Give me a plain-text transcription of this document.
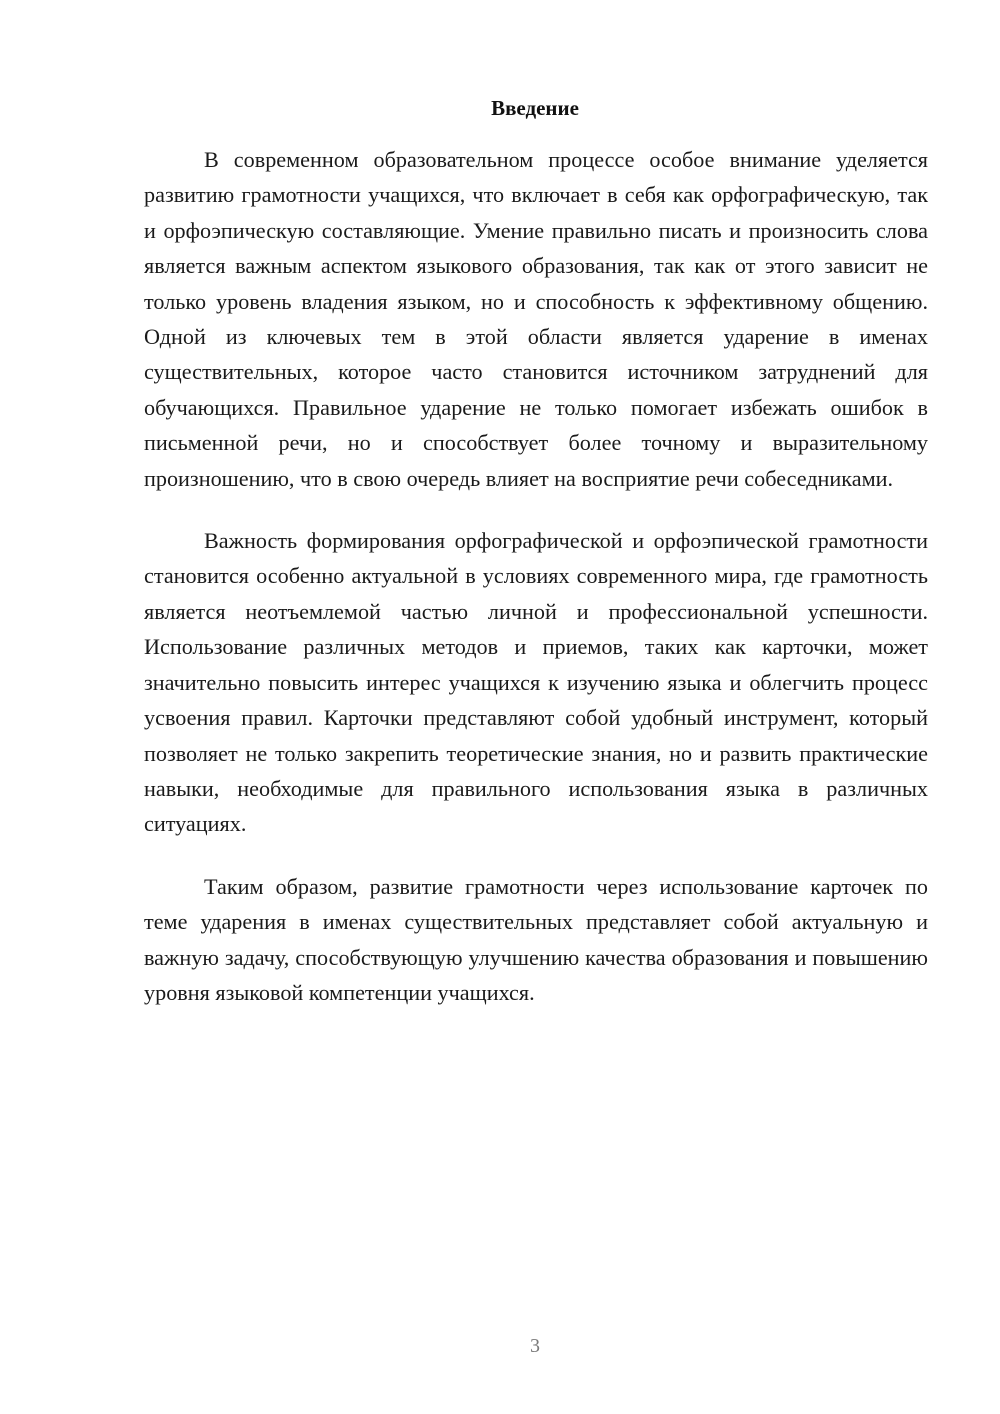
Введение

В современном образовательном процессе особое внимание уделяется развитию грамотности учащихся, что включает в себя как орфографическую, так и орфоэпическую составляющие. Умение правильно писать и произносить слова является важным аспектом языкового образования, так как от этого зависит не только уровень владения языком, но и способность к эффективному общению. Одной из ключевых тем в этой области является ударение в именах существительных, которое часто становится источником затруднений для обучающихся. Правильное ударение не только помогает избежать ошибок в письменной речи, но и способствует более точному и выразительному произношению, что в свою очередь влияет на восприятие речи собеседниками.

Важность формирования орфографической и орфоэпической грамотности становится особенно актуальной в условиях современного мира, где грамотность является неотъемлемой частью личной и профессиональной успешности. Использование различных методов и приемов, таких как карточки, может значительно повысить интерес учащихся к изучению языка и облегчить процесс усвоения правил. Карточки представляют собой удобный инструмент, который позволяет не только закрепить теоретические знания, но и развить практические навыки, необходимые для правильного использования языка в различных ситуациях.

Таким образом, развитие грамотности через использование карточек по теме ударения в именах существительных представляет собой актуальную и важную задачу, способствующую улучшению качества образования и повышению уровня языковой компетенции учащихся.

3
